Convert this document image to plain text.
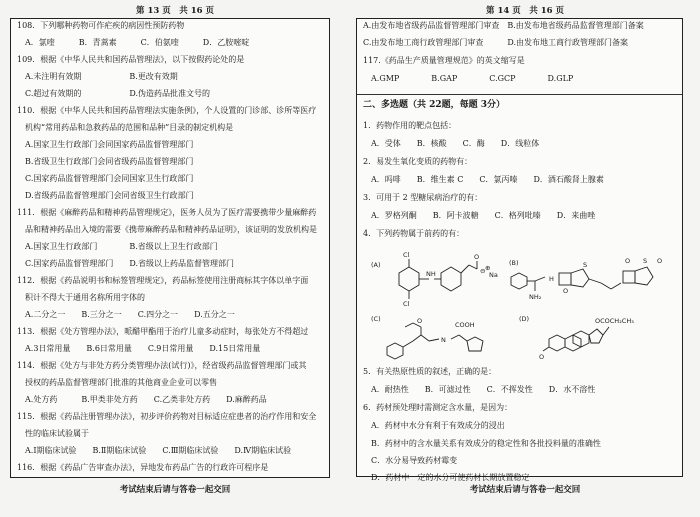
第 13 页　共 16 页
108．下列哪种药物可作疟疾的病因性预防药物
A．氯喹　　　B．青蒿素　　　C．伯氨喹　　　D．乙胺嘧啶
109．根据《中华人民共和国药品管理法》，以下按假药论处的是
A.未注明有效期　　　　　　B.更改有效期
C.超过有效期的　　　　　　D.伪造药品批准文号的
110．根据《中华人民共和国药品管理法实施条例》，个人设置的门诊部、诊所等医疗
机构“常用药品和急救药品的范围和品种”目录的制定机构是
A.国家卫生行政部门会同国家药品监督管理部门
B.省级卫生行政部门会同省级药品监督管理部门
C.国家药品监督管理部门会同国家卫生行政部门
D.省级药品监督管理部门会同省级卫生行政部门
111．根据《麻醉药品和精神药品管理规定》，医务人员为了医疗需要携带少量麻醉药
品和精神药品出入境的需要《携带麻醉药品和精神药品证明》，该证明的发放机构是
A.国家卫生行政部门　　　　B.省级以上卫生行政部门
C.国家药品监督管理部门　　D.省级以上药品监督管理部门
112．根据《药品说明书和标签管理规定》，药品标签使用注册商标其字体以单字面
积计不得大于通用名称所用字体的
A.二分之一　　B.三分之一　　C.四分之一　　D.五分之一
113．根据《处方管理办法》，哌醋甲酯用于治疗儿童多动症时，每张处方不得超过
A.3日常用量　　B.6日常用量　　C.9日常用量　　D.15日常用量
114．根据《处方与非处方药分类管理办法(试行)》，经省级药品监督管理部门或其
授权的药品监督管理部门批准的其他商业企业可以零售
A.处方药　　　B.甲类非处方药　　C.乙类非处方药　　D.麻醉药品
115．根据《药品注册管理办法》，初步评价药物对目标适应症患者的治疗作用和安全
性的临床试验属于
A.Ⅰ期临床试验　　B.Ⅱ期临床试验　　C.Ⅲ期临床试验　　D.Ⅳ期临床试验
116．根据《药品广告审查办法》，异地发布药品广告的行政许可程序是
考试结束后请与答卷一起交回
第 14 页　共 16 页
A.由发布地省级药品监督管理部门审查　B.由发布地省级药品监督管理部门备案
C.由发布地工商行政管理部门审查　　　D.由发布地工商行政管理部门备案
117.《药品生产质量管理规范》的英文缩写是
A.GMP　　　　B.GAP　　　　C.GCP　　　　D.GLP
二、多选题（共 22题，每题 3分）
1．药物作用的靶点包括：
A．受体　　B．核酸　　C．酶　　D．线粒体
2．易发生氧化变质的药物有：
A．吗啡　　B．维生素 C　　C．氯丙嗪　　D．酒石酸肾上腺素
3．可用于 2 型糖尿病治疗的有：
A．罗格列酮　　B．阿卡波糖　　C．格列吡嗪　　D．来曲唑
4．下列药物属于前药的有：
(A)	(B)
(C)	(D)
Cl
Cl
NH
O
⊖ Na
⊕
NH₂
H
S
O
O S O
N
COOH
O
O
OCOCH₂CH₃
5．有关热原性质的叙述，正确的是：
A．耐热性　　B．可滤过性　　C．不挥发性　　D．水不溶性
6．药材预处理时需测定含水量，是因为：
A．药材中水分有利于有效成分的浸出
B．药材中的含水量关系有效成分的稳定性和各批投料量的准确性
C．水分易导致药材霉变
D．药材中一定的水分可使药材长期放置稳定
考试结束后请与答卷一起交回
